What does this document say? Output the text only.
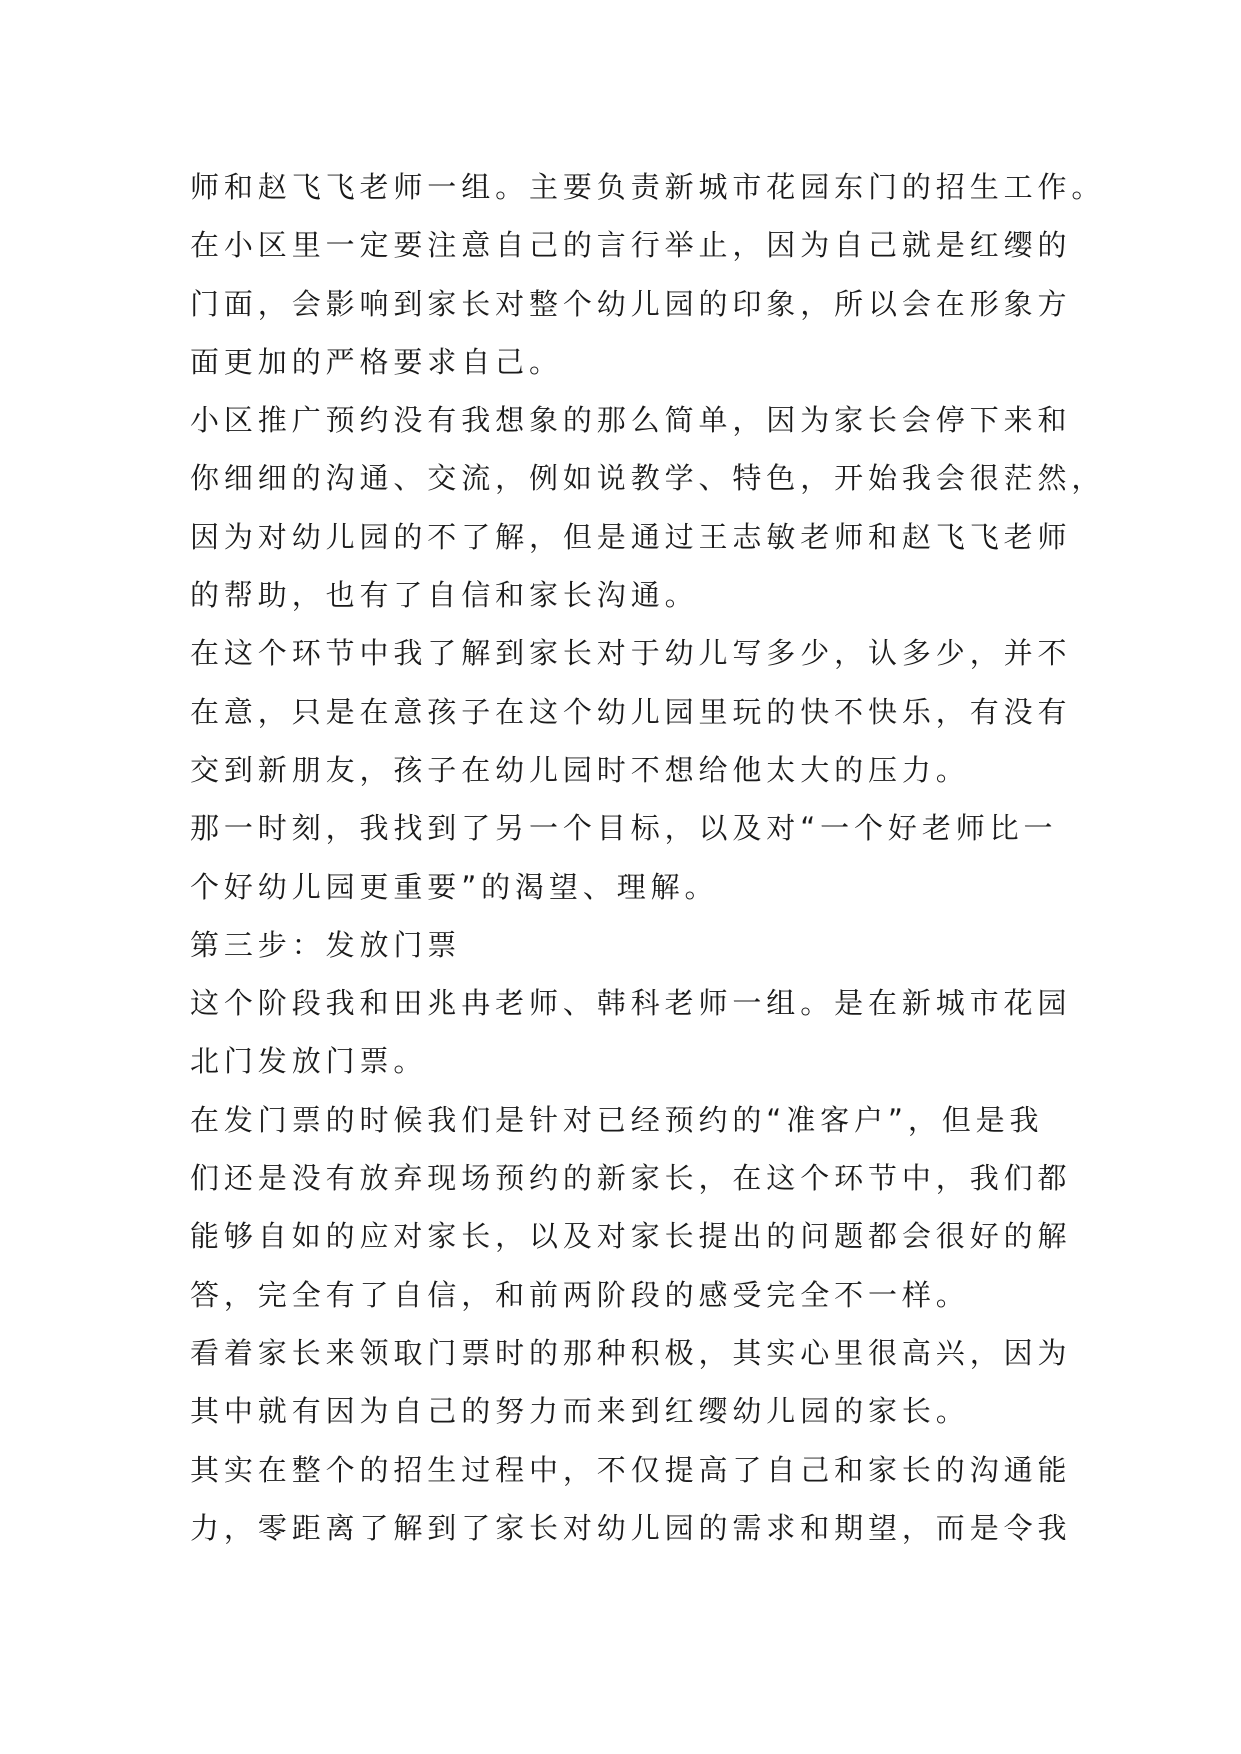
师和赵飞飞老师一组。主要负责新城市花园东门的招生工作。
在小区里一定要注意自己的言行举止，因为自己就是红缨的
门面，会影响到家长对整个幼儿园的印象，所以会在形象方
面更加的严格要求自己。
小区推广预约没有我想象的那么简单，因为家长会停下来和
你细细的沟通、交流，例如说教学、特色，开始我会很茫然，
因为对幼儿园的不了解，但是通过王志敏老师和赵飞飞老师
的帮助，也有了自信和家长沟通。
在这个环节中我了解到家长对于幼儿写多少，认多少，并不
在意，只是在意孩子在这个幼儿园里玩的快不快乐，有没有
交到新朋友，孩子在幼儿园时不想给他太大的压力。
那一时刻，我找到了另一个目标，以及对“一个好老师比一
个好幼儿园更重要”的渴望、理解。
第三步：发放门票
这个阶段我和田兆冉老师、韩科老师一组。是在新城市花园
北门发放门票。
在发门票的时候我们是针对已经预约的“准客户”，但是我
们还是没有放弃现场预约的新家长，在这个环节中，我们都
能够自如的应对家长，以及对家长提出的问题都会很好的解
答，完全有了自信，和前两阶段的感受完全不一样。
看着家长来领取门票时的那种积极，其实心里很高兴，因为
其中就有因为自己的努力而来到红缨幼儿园的家长。
其实在整个的招生过程中，不仅提高了自己和家长的沟通能
力，零距离了解到了家长对幼儿园的需求和期望，而是令我
